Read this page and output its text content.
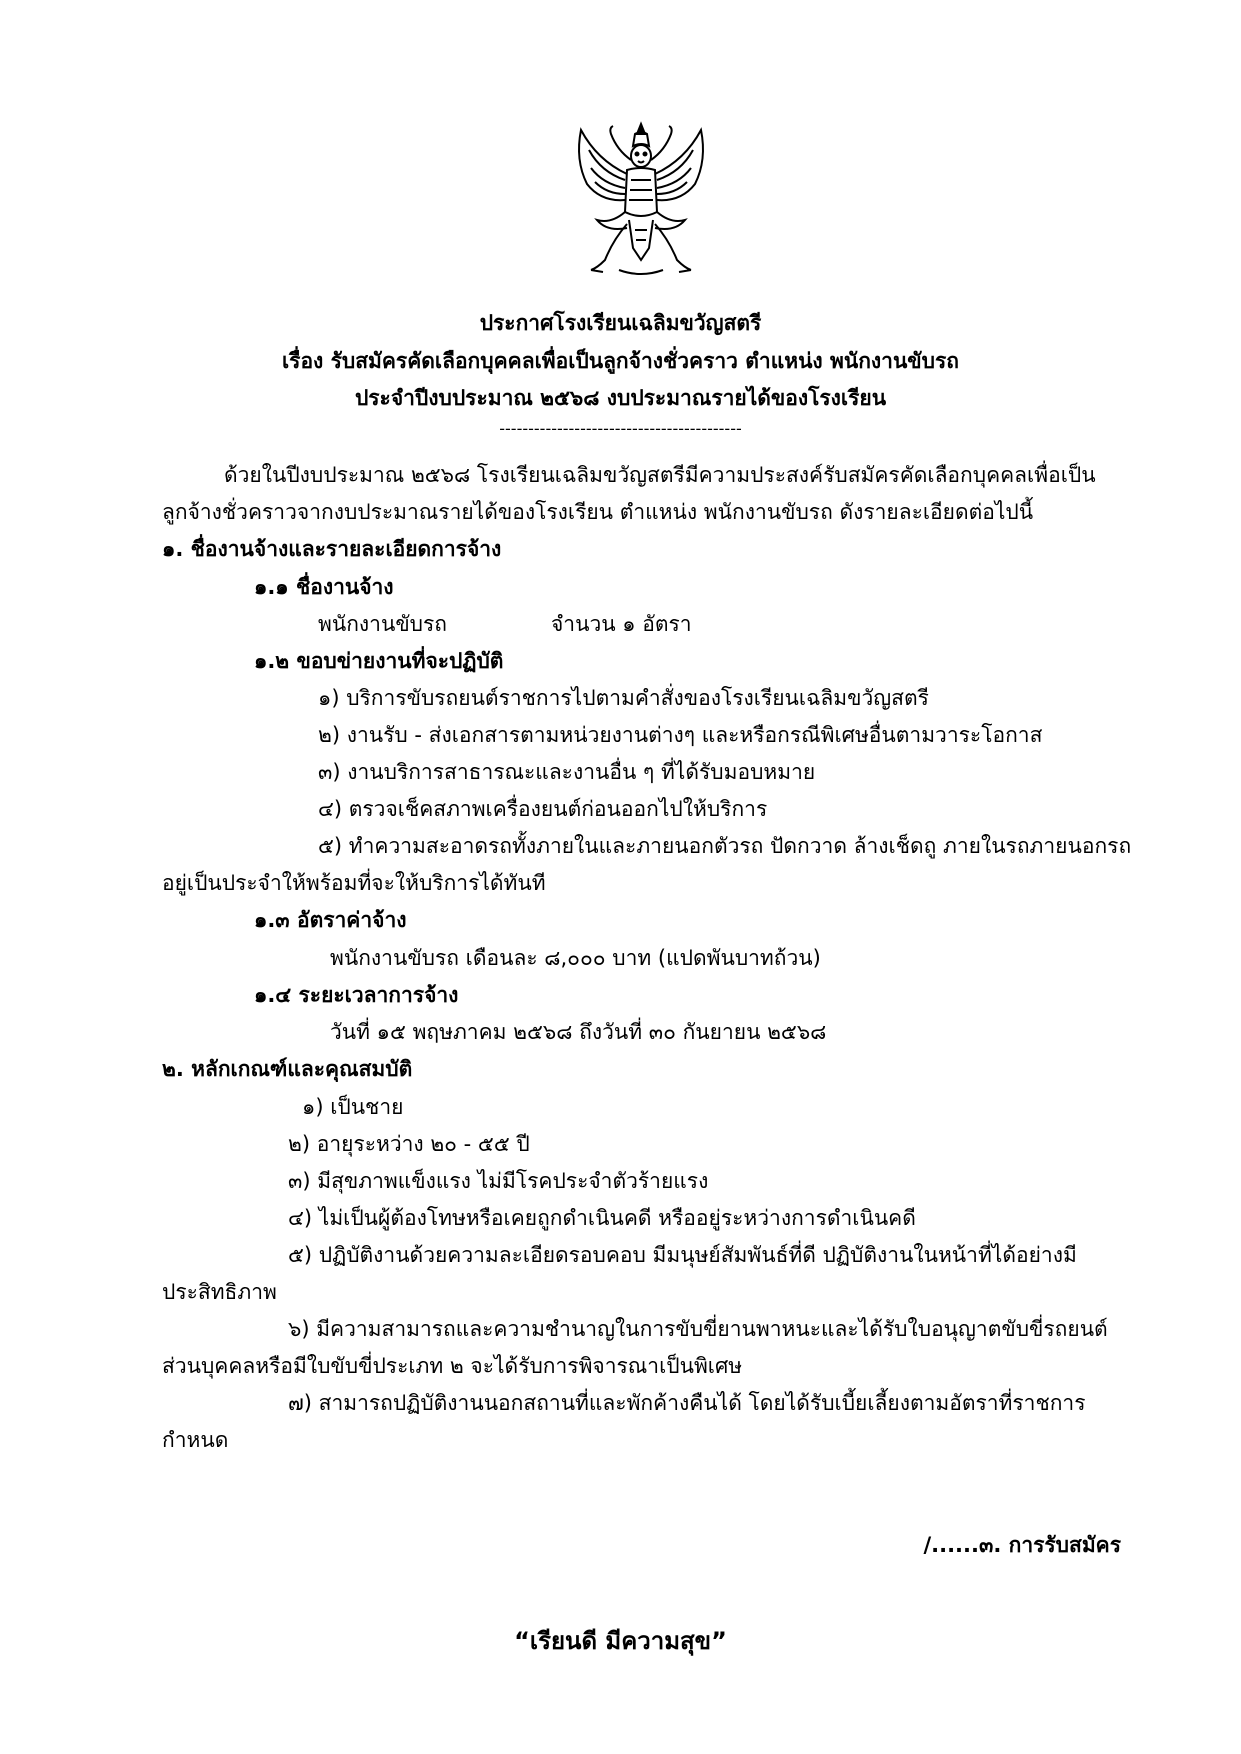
ประกาศโรงเรียนเฉลิมขวัญสตรี
เรื่อง รับสมัครคัดเลือกบุคคลเพื่อเป็นลูกจ้างชั่วคราว ตำแหน่ง พนักงานขับรถ
ประจำปีงบประมาณ ๒๕๖๘ งบประมาณรายได้ของโรงเรียน
------------------------------------------
ด้วยในปีงบประมาณ ๒๕๖๘ โรงเรียนเฉลิมขวัญสตรีมีความประสงค์รับสมัครคัดเลือกบุคคลเพื่อเป็น
ลูกจ้างชั่วคราวจากงบประมาณรายได้ของโรงเรียน ตำแหน่ง พนักงานขับรถ ดังรายละเอียดต่อไปนี้
๑. ชื่องานจ้างและรายละเอียดการจ้าง
๑.๑ ชื่องานจ้าง
พนักงานขับรถ	จำนวน ๑ อัตรา
๑.๒ ขอบข่ายงานที่จะปฏิบัติ
๑) บริการขับรถยนต์ราชการไปตามคำสั่งของโรงเรียนเฉลิมขวัญสตรี
๒) งานรับ - ส่งเอกสารตามหน่วยงานต่างๆ และหรือกรณีพิเศษอื่นตามวาระโอกาส
๓) งานบริการสาธารณะและงานอื่น ๆ ที่ได้รับมอบหมาย
๔) ตรวจเช็คสภาพเครื่องยนต์ก่อนออกไปให้บริการ
๕) ทำความสะอาดรถทั้งภายในและภายนอกตัวรถ ปัดกวาด ล้างเช็ดถู ภายในรถภายนอกรถ
อยู่เป็นประจำให้พร้อมที่จะให้บริการได้ทันที
๑.๓ อัตราค่าจ้าง
พนักงานขับรถ เดือนละ ๘,๐๐๐ บาท (แปดพันบาทถ้วน)
๑.๔ ระยะเวลาการจ้าง
วันที่ ๑๕ พฤษภาคม ๒๕๖๘ ถึงวันที่ ๓๐ กันยายน ๒๕๖๘
๒. หลักเกณฑ์และคุณสมบัติ
๑) เป็นชาย
๒) อายุระหว่าง ๒๐ - ๕๕ ปี
๓) มีสุขภาพแข็งแรง ไม่มีโรคประจำตัวร้ายแรง
๔) ไม่เป็นผู้ต้องโทษหรือเคยถูกดำเนินคดี หรืออยู่ระหว่างการดำเนินคดี
๕) ปฏิบัติงานด้วยความละเอียดรอบคอบ มีมนุษย์สัมพันธ์ที่ดี ปฏิบัติงานในหน้าที่ได้อย่างมี
ประสิทธิภาพ
๖) มีความสามารถและความชำนาญในการขับขี่ยานพาหนะและได้รับใบอนุญาตขับขี่รถยนต์
ส่วนบุคคลหรือมีใบขับขี่ประเภท ๒ จะได้รับการพิจารณาเป็นพิเศษ
๗) สามารถปฏิบัติงานนอกสถานที่และพักค้างคืนได้ โดยได้รับเบี้ยเลี้ยงตามอัตราที่ราชการ
กำหนด
/......๓. การรับสมัคร
“เรียนดี มีความสุข”
